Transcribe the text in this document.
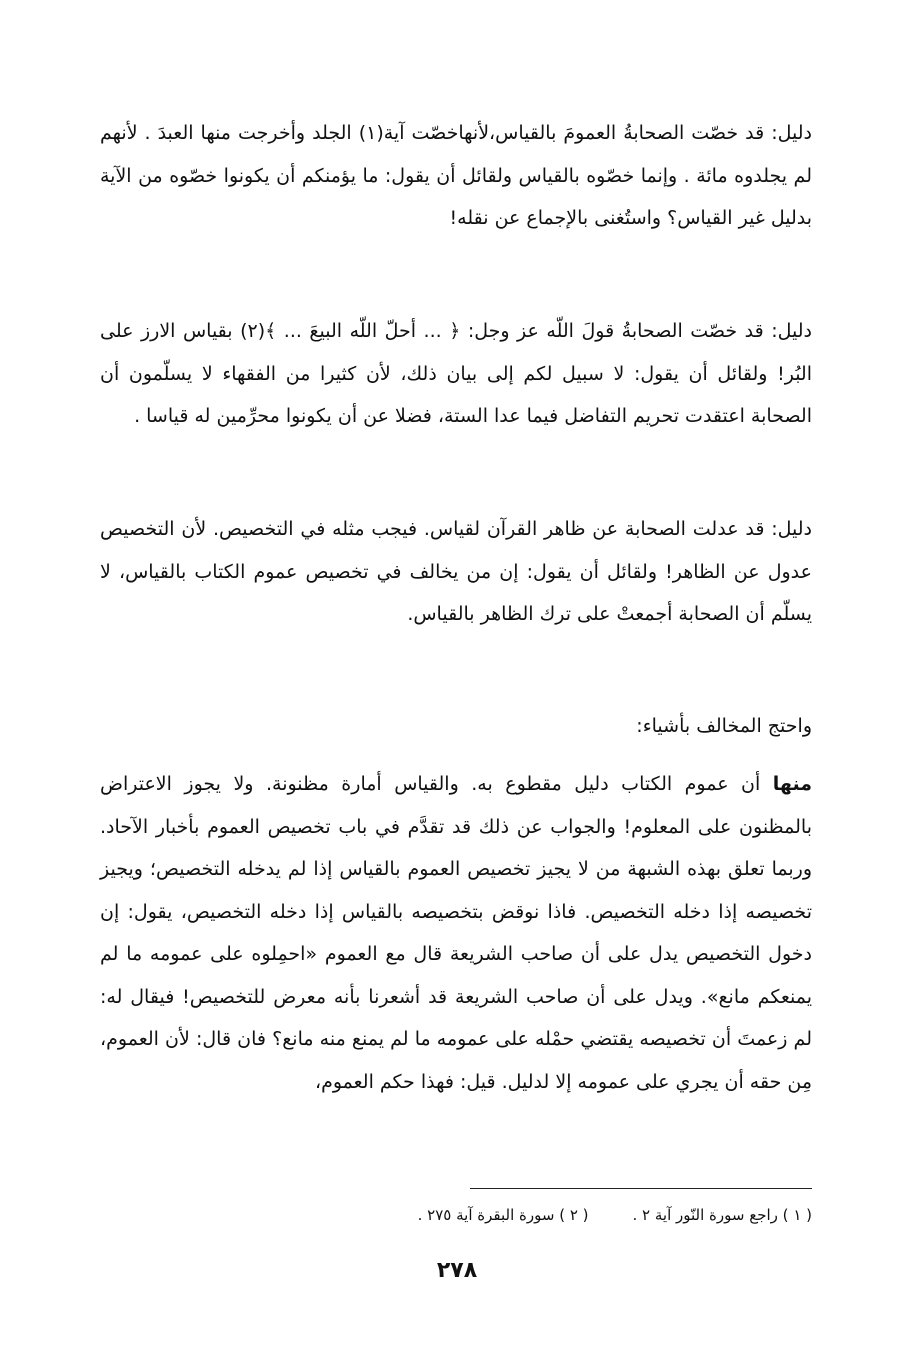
دليل: قد خصّت الصحابةُ العمومَ بالقياس،لأنهاخصّت آية(١) الجلد وأخرجت منها العبدَ . لأنهم لم يجلدوه مائة . وإنما خصّوه بالقياس ولقائل أن يقول: ما يؤمنكم أن يكونوا خصّوه من الآية بدليل غير القياس؟ واستُغنى بالإجماع عن نقله!

دليل: قد خصّت الصحابةُ قولَ اللّه عز وجل: ﴿ ... أحلّ اللّه البيعَ ... ﴾(٢) بقياس الارز على البُر! ولقائل أن يقول: لا سبيل لكم إلى بيان ذلك، لأن كثيرا من الفقهاء لا يسلّمون أن الصحابة اعتقدت تحريم التفاضل فيما عدا الستة، فضلا عن أن يكونوا محرِّمين له قياسا .

دليل: قد عدلت الصحابة عن ظاهر القرآن لقياس. فيجب مثله في التخصيص. لأن التخصيص عدول عن الظاهر! ولقائل أن يقول: إن من يخالف في تخصيص عموم الكتاب بالقياس، لا يسلّم أن الصحابة أجمعتْ على ترك الظاهر بالقياس.

واحتج المخالف بأشياء:

منها أن عموم الكتاب دليل مقطوع به. والقياس أمارة مظنونة. ولا يجوز الاعتراض بالمظنون على المعلوم! والجواب عن ذلك قد تقدَّم في باب تخصيص العموم بأخبار الآحاد. وربما تعلق بهذه الشبهة من لا يجيز تخصيص العموم بالقياس إذا لم يدخله التخصيص؛ ويجيز تخصيصه إذا دخله التخصيص. فاذا نوقض بتخصيصه بالقياس إذا دخله التخصيص، يقول: إن دخول التخصيص يدل على أن صاحب الشريعة قال مع العموم «احمِلوه على عمومه ما لم يمنعكم مانع». ويدل على أن صاحب الشريعة قد أشعرنا بأنه معرض للتخصيص! فيقال له: لم زعمتَ أن تخصيصه يقتضي حمْله على عمومه ما لم يمنع منه مانع؟ فان قال: لأن العموم، مِن حقه أن يجري على عمومه إلا لدليل. قيل: فهذا حكم العموم،

( ١ ) راجع سورة النّور آية ٢ .( ٢ ) سورة البقرة آية ٢٧٥ .
٢٧٨
